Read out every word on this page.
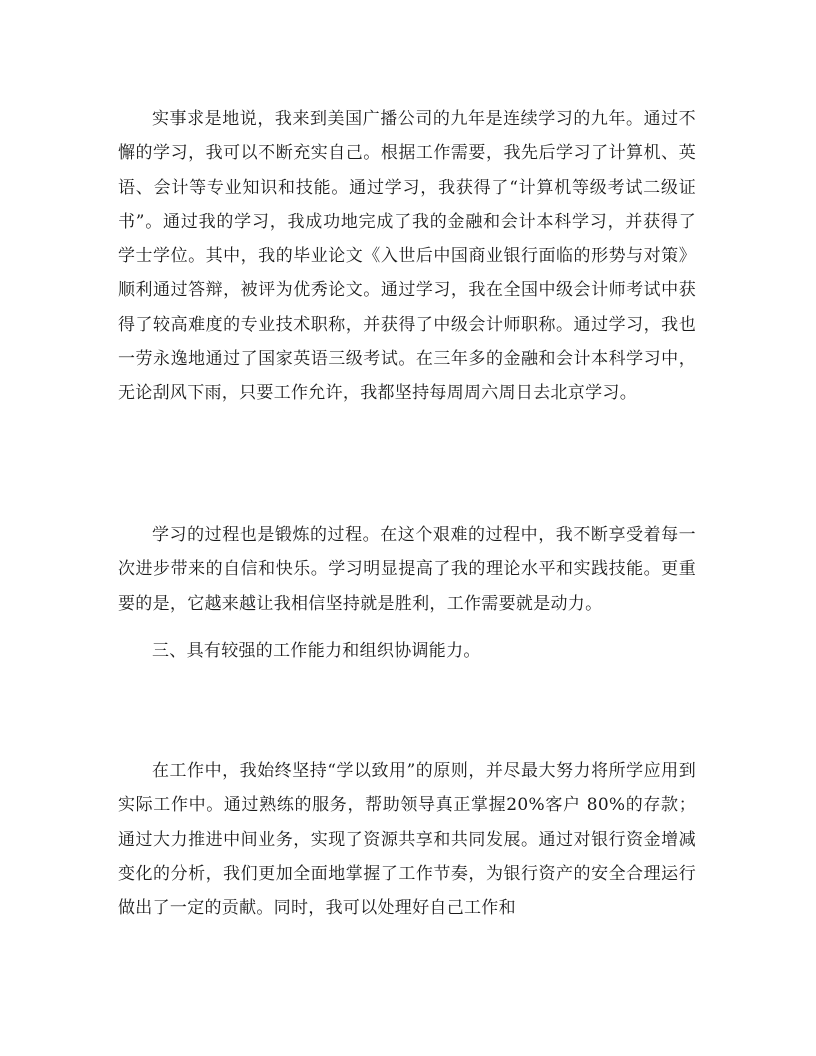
实事求是地说，我来到美国广播公司的九年是连续学习的九年。通过不懈的学习，我可以不断充实自己。根据工作需要，我先后学习了计算机、英语、会计等专业知识和技能。通过学习，我获得了“计算机等级考试二级证书”。通过我的学习，我成功地完成了我的金融和会计本科学习，并获得了学士学位。其中，我的毕业论文《入世后中国商业银行面临的形势与对策》顺利通过答辩，被评为优秀论文。通过学习，我在全国中级会计师考试中获得了较高难度的专业技术职称，并获得了中级会计师职称。通过学习，我也一劳永逸地通过了国家英语三级考试。在三年多的金融和会计本科学习中，无论刮风下雨，只要工作允许，我都坚持每周周六周日去北京学习。

学习的过程也是锻炼的过程。在这个艰难的过程中，我不断享受着每一次进步带来的自信和快乐。学习明显提高了我的理论水平和实践技能。更重要的是，它越来越让我相信坚持就是胜利，工作需要就是动力。

三、具有较强的工作能力和组织协调能力。

在工作中，我始终坚持“学以致用”的原则，并尽最大努力将所学应用到实际工作中。通过熟练的服务，帮助领导真正掌握20%客户 80%的存款；通过大力推进中间业务，实现了资源共享和共同发展。通过对银行资金增减变化的分析，我们更加全面地掌握了工作节奏，为银行资产的安全合理运行做出了一定的贡献。同时，我可以处理好自己工作和
